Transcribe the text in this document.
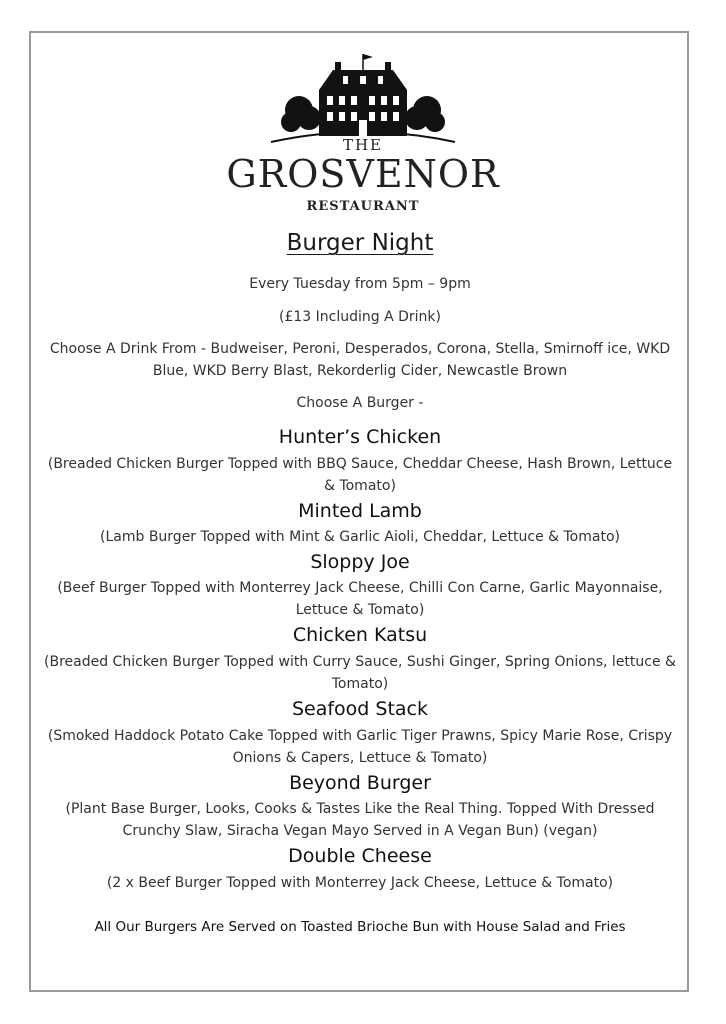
THE
GROSVENOR
RESTAURANT
Burger Night
Every Tuesday from 5pm – 9pm
(£13 Including A Drink)
Choose A Drink From - Budweiser, Peroni, Desperados, Corona, Stella, Smirnoff ice, WKD
Blue, WKD Berry Blast, Rekorderlig Cider, Newcastle Brown
Choose A Burger -
Hunter’s Chicken
(Breaded Chicken Burger Topped with BBQ Sauce, Cheddar Cheese, Hash Brown, Lettuce
& Tomato)
Minted Lamb
(Lamb Burger Topped with Mint & Garlic Aioli, Cheddar, Lettuce & Tomato)
Sloppy Joe
(Beef Burger Topped with Monterrey Jack Cheese, Chilli Con Carne, Garlic Mayonnaise,
Lettuce & Tomato)
Chicken Katsu
(Breaded Chicken Burger Topped with Curry Sauce, Sushi Ginger, Spring Onions, lettuce &
Tomato)
Seafood Stack
(Smoked Haddock Potato Cake Topped with Garlic Tiger Prawns, Spicy Marie Rose, Crispy
Onions & Capers, Lettuce & Tomato)
Beyond Burger
(Plant Base Burger, Looks, Cooks & Tastes Like the Real Thing. Topped With Dressed
Crunchy Slaw, Siracha Vegan Mayo Served in A Vegan Bun) (vegan)
Double Cheese
(2 x Beef Burger Topped with Monterrey Jack Cheese, Lettuce & Tomato)
All Our Burgers Are Served on Toasted Brioche Bun with House Salad and Fries
